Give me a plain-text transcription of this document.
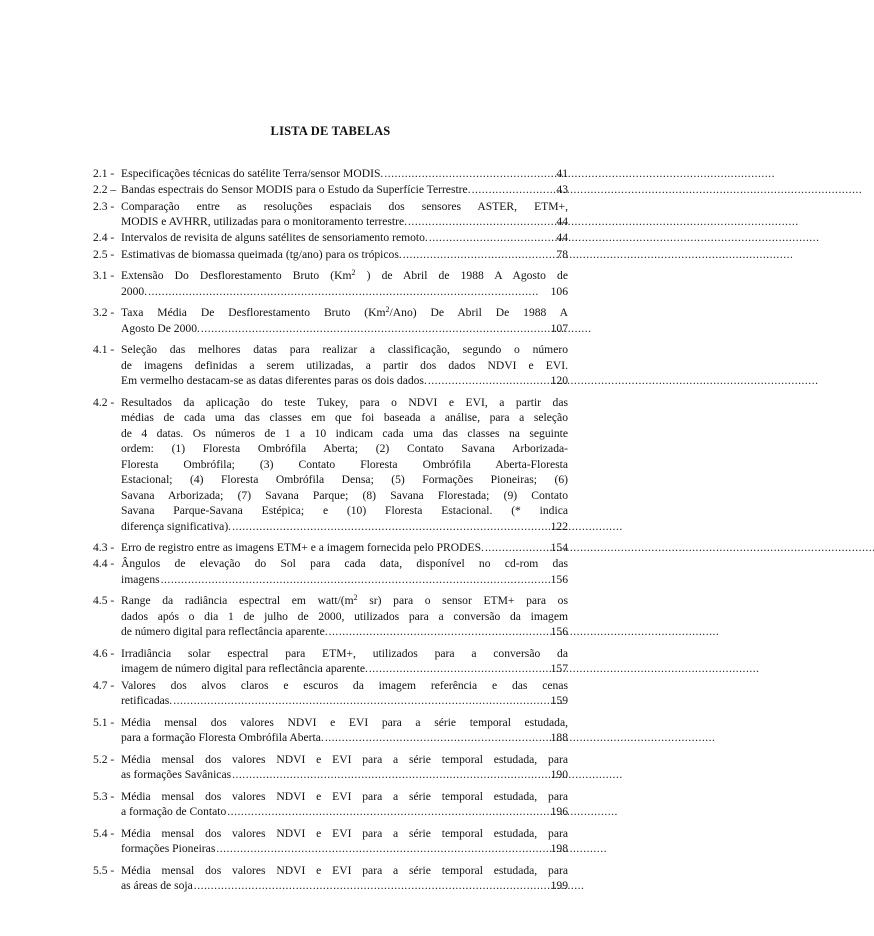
LISTA DE TABELAS
2.1 - Especificações técnicas do satélite Terra/sensor MODIS. . . .	41
2.2 – Bandas espectrais do Sensor MODIS para o Estudo da Superfície Terrestre. . . .	43
2.3 - Comparação entre as resoluções espaciais dos sensores ASTER, ETM+,
MODIS e AVHRR, utilizadas para o monitoramento terrestre. . . .	44
2.4 - Intervalos de revisita de alguns satélites de sensoriamento remoto. . . .	44
2.5 - Estimativas de biomassa queimada (tg/ano) para os trópicos. . . .	78
3.1 - Extensão Do Desflorestamento Bruto (Km$^2$ ) de Abril de 1988 A Agosto de
2000. . . .	106
3.2 - Taxa Média De Desflorestamento Bruto (Km$^2$/Ano) De Abril De 1988 A
Agosto De 2000. . . .	107
4.1 - Seleção das melhores datas para realizar a classificação, segundo o número
de imagens definidas a serem utilizadas, a partir dos dados NDVI e EVI.
Em vermelho destacam-se as datas diferentes paras os dois dados. . . .	120
4.2 - Resultados da aplicação do teste Tukey, para o NDVI e EVI, a partir das
médias de cada uma das classes em que foi baseada a análise, para a seleção
de 4 datas. Os números de 1 a 10 indicam cada uma das classes na seguinte
ordem: (1) Floresta Ombrófila Aberta; (2) Contato Savana Arborizada-
Floresta Ombrófila; (3) Contato Floresta Ombrófila Aberta-Floresta
Estacional; (4) Floresta Ombrófila Densa; (5) Formações Pioneiras; (6)
Savana Arborizada; (7) Savana Parque; (8) Savana Florestada; (9) Contato
Savana Parque-Savana Estépica; e (10) Floresta Estacional. (* indica
diferença significativa). . . .	122
4.3 - Erro de registro entre as imagens ETM+ e a imagem fornecida pelo PRODES. . . .	154
4.4 - Ângulos de elevação do Sol para cada data, disponível no cd-rom das
imagens . . .	156
4.5 - Range da radiância espectral em watt/($m^2$ sr) para o sensor ETM+ para os
dados após o dia 1 de julho de 2000, utilizados para a conversão da imagem
de número digital para reflectância aparente. . . .	156
4.6 - Irradiância solar espectral para ETM+, utilizados para a conversão da
imagem de número digital para reflectância aparente. . . .	157
4.7 - Valores dos alvos claros e escuros da imagem referência e das cenas
retificadas. . . .	159
5.1 - Média mensal dos valores NDVI e EVI para a série temporal estudada,
para a formação Floresta Ombrófila Aberta. . . .	188
5.2 - Média mensal dos valores NDVI e EVI para a série temporal estudada, para
as formações Savânicas . . .	190
5.3 - Média mensal dos valores NDVI e EVI para a série temporal estudada, para
a formação de Contato . . .	196
5.4 - Média mensal dos valores NDVI e EVI para a série temporal estudada, para
formações Pioneiras . . .	198
5.5 - Média mensal dos valores NDVI e EVI para a série temporal estudada, para
as áreas de soja . . .	199
